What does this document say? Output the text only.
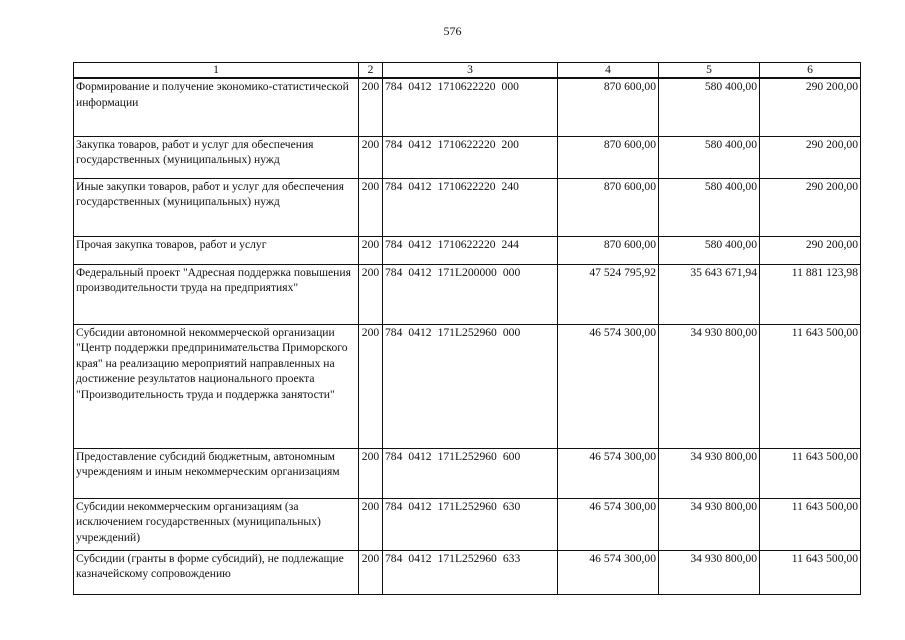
576
1	2	3	4	5	6
Формирование и получение экономико-статистической информации	200	784 0412 1710622220 000	870 600,00	580 400,00	290 200,00
Закупка товаров, работ и услуг для обеспечения государственных (муниципальных) нужд	200	784 0412 1710622220 200	870 600,00	580 400,00	290 200,00
Иные закупки товаров, работ и услуг для обеспечения государственных (муниципальных) нужд	200	784 0412 1710622220 240	870 600,00	580 400,00	290 200,00
Прочая закупка товаров, работ и услуг	200	784 0412 1710622220 244	870 600,00	580 400,00	290 200,00
Федеральный проект "Адресная поддержка повышения производительности труда на предприятиях"	200	784 0412 171L200000 000	47 524 795,92	35 643 671,94	11 881 123,98
Субсидии автономной некоммерческой организации "Центр поддержки предпринимательства Приморского края" на реализацию мероприятий направленных на достижение результатов национального проекта "Производительность труда и поддержка занятости"	200	784 0412 171L252960 000	46 574 300,00	34 930 800,00	11 643 500,00
Предоставление субсидий бюджетным, автономным учреждениям и иным некоммерческим организациям	200	784 0412 171L252960 600	46 574 300,00	34 930 800,00	11 643 500,00
Субсидии некоммерческим организациям (за исключением государственных (муниципальных) учреждений)	200	784 0412 171L252960 630	46 574 300,00	34 930 800,00	11 643 500,00
Субсидии (гранты в форме субсидий), не подлежащие казначейскому сопровождению	200	784 0412 171L252960 633	46 574 300,00	34 930 800,00	11 643 500,00
